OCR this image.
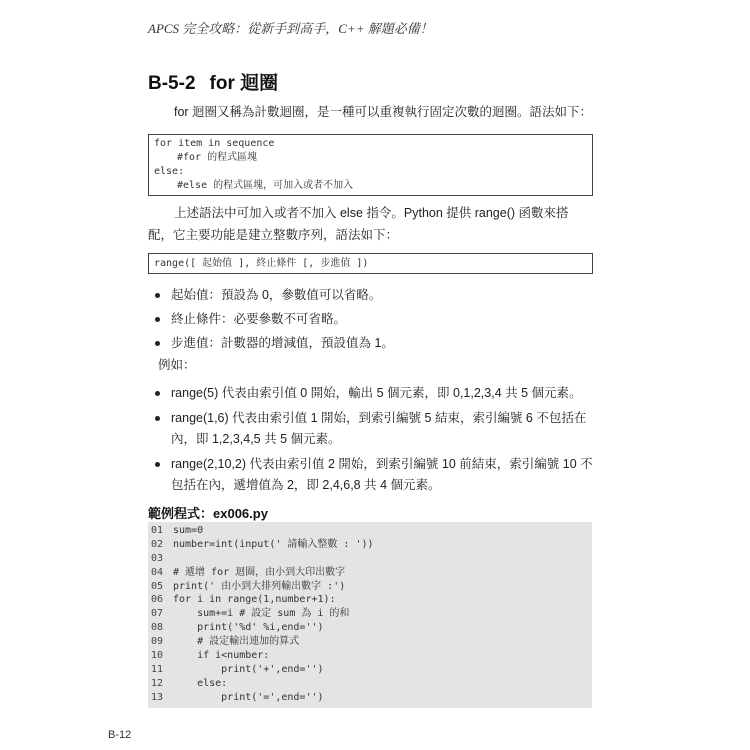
APCS 完全攻略：從新手到高手，C++ 解題必備！
B-5-2 for 迴圈
for 迴圈又稱為計數迴圈，是一種可以重複執行固定次數的迴圈。語法如下：
for item in sequence
#for 的程式區塊
else:
#else 的程式區塊，可加入或者不加入
上述語法中可加入或者不加入 else 指令。Python 提供 range() 函數來搭配，它主要功能是建立整數序列，語法如下：
range([ 起始值 ], 終止條件 [, 步進值 ])
起始值：預設為 0，參數值可以省略。
終止條件：必要參數不可省略。
步進值：計數器的增減值，預設值為 1。
例如：
range(5) 代表由索引值 0 開始，輸出 5 個元素，即 0,1,2,3,4 共 5 個元素。
range(1,6) 代表由索引值 1 開始，到索引編號 5 結束，索引編號 6 不包括在內，即 1,2,3,4,5 共 5 個元素。
range(2,10,2) 代表由索引值 2 開始，到索引編號 10 前結束，索引編號 10 不包括在內，遞增值為 2，即 2,4,6,8 共 4 個元素。
範例程式：ex006.py
01 sum=0
02 number=int(input(' 請輸入整數 : '))
03
04 # 遞增 for 迴圈，由小到大印出數字
05 print(' 由小到大排列輸出數字 :')
06 for i in range(1,number+1):
07 sum+=i # 設定 sum 為 i 的和
08 print('%d' %i,end='')
09 # 設定輸出連加的算式
10 if i<number:
11 print('+',end='')
12 else:
13 print('=',end='')
B-12
